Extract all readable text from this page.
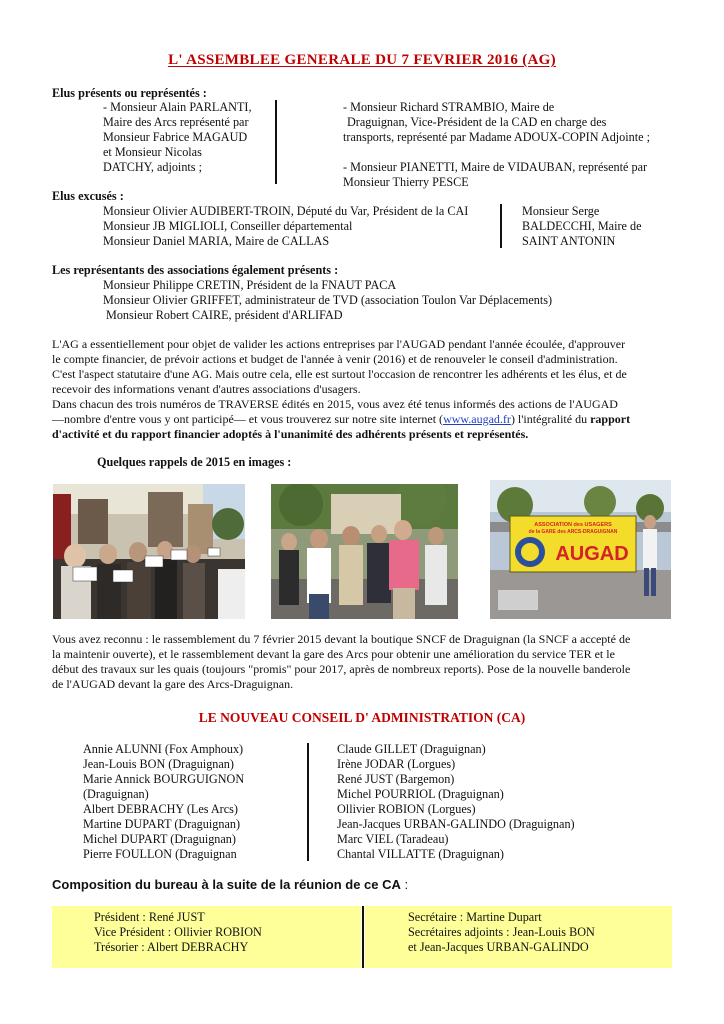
L' ASSEMBLEE GENERALE DU 7 FEVRIER 2016 (AG)
Elus présents ou représentés :
- Monsieur Alain PARLANTI,
Maire des Arcs représenté par
Monsieur Fabrice MAGAUD
et Monsieur Nicolas
DATCHY, adjoints ;
- Monsieur Richard STRAMBIO, Maire de
Draguignan, Vice-Président de la CAD en charge des
transports, représenté par Madame ADOUX-COPIN Adjointe ;

- Monsieur PIANETTI, Maire de VIDAUBAN, représenté par
Monsieur Thierry PESCE
Elus excusés :
Monsieur Olivier AUDIBERT-TROIN, Député du Var, Président de la CAI
Monsieur JB MIGLIOLI, Conseiller départemental
Monsieur Daniel MARIA, Maire de CALLAS
Monsieur Serge
BALDECCHI, Maire de
SAINT ANTONIN
Les représentants des associations également présents :
Monsieur Philippe CRETIN, Président de la FNAUT PACA
Monsieur Olivier GRIFFET, administrateur de TVD (association Toulon Var Déplacements)
Monsieur Robert CAIRE, président d'ARLIFAD
L'AG a essentiellement pour objet de valider les actions entreprises par l'AUGAD pendant l'année écoulée, d'approuver
le compte financier, de prévoir actions et budget de l'année à venir (2016) et de renouveler le conseil d'administration.
C'est l'aspect statutaire d'une AG. Mais outre cela, elle est surtout l'occasion de rencontrer les adhérents et les élus, et de
recevoir des informations venant d'autres associations d'usagers.
Dans chacun des trois numéros de TRAVERSE édités en 2015, vous avez été tenus informés des actions de l'AUGAD
—nombre d'entre vous y ont participé— et vous trouverez sur notre site internet (www.augad.fr) l'intégralité du rapport
d'activité et du rapport financier adoptés à l'unanimité des adhérents présents et représentés.
Quelques rappels de 2015 en images :
ASSOCIATION des USAGERS
de la GARE des ARCS-DRAGUIGNAN
AUGAD
Vous avez reconnu : le rassemblement du 7 février 2015 devant la boutique SNCF de Draguignan (la SNCF a accepté de
la maintenir ouverte), et le rassemblement devant la gare des Arcs pour obtenir une amélioration du service TER et le
début des travaux sur les quais (toujours "promis" pour 2017, après de nombreux reports). Pose de la nouvelle banderole
de l'AUGAD devant la gare des Arcs-Draguignan.
LE NOUVEAU CONSEIL D' ADMINISTRATION (CA)
Annie ALUNNI (Fox Amphoux)
Jean-Louis BON (Draguignan)
Marie Annick BOURGUIGNON
(Draguignan)
Albert DEBRACHY (Les Arcs)
Martine DUPART (Draguignan)
Michel DUPART (Draguignan)
Pierre FOULLON (Draguignan
Claude GILLET (Draguignan)
Irène JODAR (Lorgues)
René JUST (Bargemon)
Michel POURRIOL (Draguignan)
Ollivier ROBION (Lorgues)
Jean-Jacques URBAN-GALINDO (Draguignan)
Marc VIEL (Taradeau)
Chantal VILLATTE (Draguignan)
Composition du bureau à la suite de la réunion de ce CA :
Président : René JUST
Vice Président : Ollivier ROBION
Trésorier : Albert DEBRACHY
Secrétaire : Martine Dupart
Secrétaires adjoints : Jean-Louis BON
et Jean-Jacques URBAN-GALINDO
